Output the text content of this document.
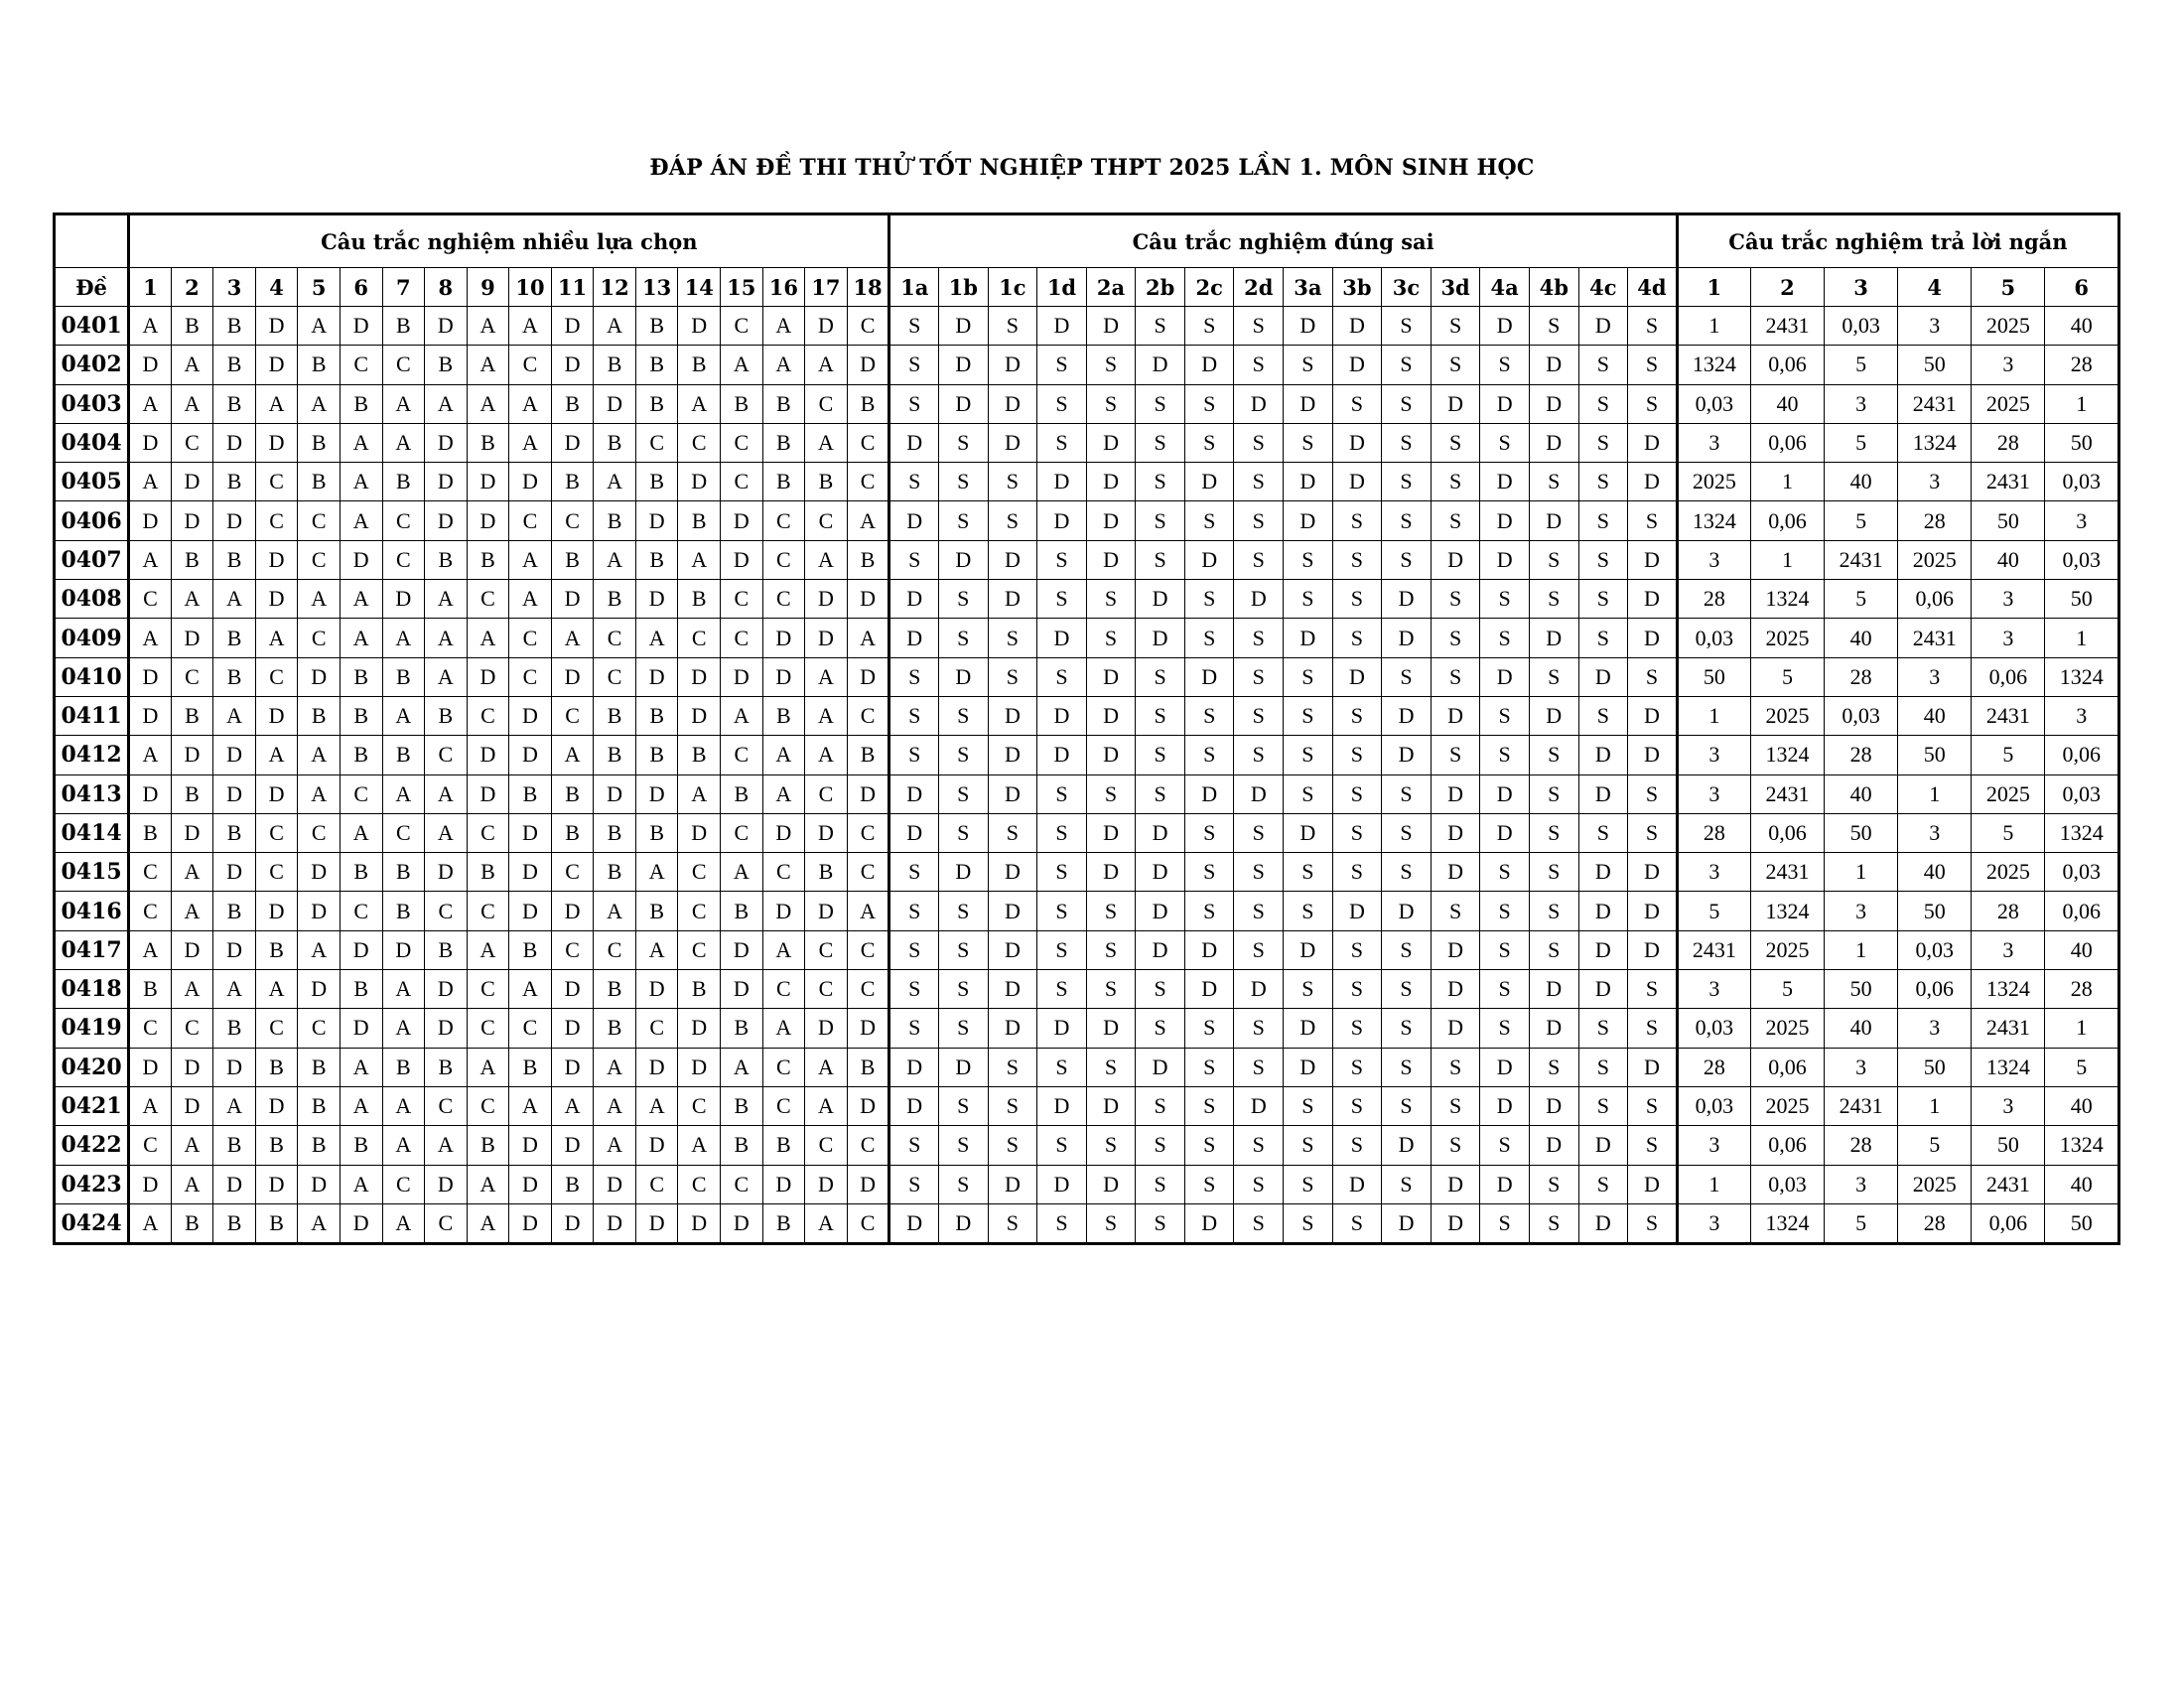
ĐÁP ÁN ĐỀ THI THỬ TỐT NGHIỆP THPT 2025 LẦN 1. MÔN SINH HỌC
	Câu trắc nghiệm nhiều lựa chọn																		Câu trắc nghiệm đúng sai																Câu trắc nghiệm trả lời ngắn					
Đề	1	2	3	4	5	6	7	8	9	10	11	12	13	14	15	16	17	18	1a	1b	1c	1d	2a	2b	2c	2d	3a	3b	3c	3d	4a	4b	4c	4d	1	2	3	4	5	6
0401	A	B	B	D	A	D	B	D	A	A	D	A	B	D	C	A	D	C	S	D	S	D	D	S	S	S	D	D	S	S	D	S	D	S	1	2431	0,03	3	2025	40
0402	D	A	B	D	B	C	C	B	A	C	D	B	B	B	A	A	A	D	S	D	D	S	S	D	D	S	S	D	S	S	S	D	S	S	1324	0,06	5	50	3	28
0403	A	A	B	A	A	B	A	A	A	A	B	D	B	A	B	B	C	B	S	D	D	S	S	S	S	D	D	S	S	D	D	D	S	S	0,03	40	3	2431	2025	1
0404	D	C	D	D	B	A	A	D	B	A	D	B	C	C	C	B	A	C	D	S	D	S	D	S	S	S	S	D	S	S	S	D	S	D	3	0,06	5	1324	28	50
0405	A	D	B	C	B	A	B	D	D	D	B	A	B	D	C	B	B	C	S	S	S	D	D	S	D	S	D	D	S	S	D	S	S	D	2025	1	40	3	2431	0,03
0406	D	D	D	C	C	A	C	D	D	C	C	B	D	B	D	C	C	A	D	S	S	D	D	S	S	S	D	S	S	S	D	D	S	S	1324	0,06	5	28	50	3
0407	A	B	B	D	C	D	C	B	B	A	B	A	B	A	D	C	A	B	S	D	D	S	D	S	D	S	S	S	S	D	D	S	S	D	3	1	2431	2025	40	0,03
0408	C	A	A	D	A	A	D	A	C	A	D	B	D	B	C	C	D	D	D	S	D	S	S	D	S	D	S	S	D	S	S	S	S	D	28	1324	5	0,06	3	50
0409	A	D	B	A	C	A	A	A	A	C	A	C	A	C	C	D	D	A	D	S	S	D	S	D	S	S	D	S	D	S	S	D	S	D	0,03	2025	40	2431	3	1
0410	D	C	B	C	D	B	B	A	D	C	D	C	D	D	D	D	A	D	S	D	S	S	D	S	D	S	S	D	S	S	D	S	D	S	50	5	28	3	0,06	1324
0411	D	B	A	D	B	B	A	B	C	D	C	B	B	D	A	B	A	C	S	S	D	D	D	S	S	S	S	S	D	D	S	D	S	D	1	2025	0,03	40	2431	3
0412	A	D	D	A	A	B	B	C	D	D	A	B	B	B	C	A	A	B	S	S	D	D	D	S	S	S	S	S	D	S	S	S	D	D	3	1324	28	50	5	0,06
0413	D	B	D	D	A	C	A	A	D	B	B	D	D	A	B	A	C	D	D	S	D	S	S	S	D	D	S	S	S	D	D	S	D	S	3	2431	40	1	2025	0,03
0414	B	D	B	C	C	A	C	A	C	D	B	B	B	D	C	D	D	C	D	S	S	S	D	D	S	S	D	S	S	D	D	S	S	S	28	0,06	50	3	5	1324
0415	C	A	D	C	D	B	B	D	B	D	C	B	A	C	A	C	B	C	S	D	D	S	D	D	S	S	S	S	S	D	S	S	D	D	3	2431	1	40	2025	0,03
0416	C	A	B	D	D	C	B	C	C	D	D	A	B	C	B	D	D	A	S	S	D	S	S	D	S	S	S	D	D	S	S	S	D	D	5	1324	3	50	28	0,06
0417	A	D	D	B	A	D	D	B	A	B	C	C	A	C	D	A	C	C	S	S	D	S	S	D	D	S	D	S	S	D	S	S	D	D	2431	2025	1	0,03	3	40
0418	B	A	A	A	D	B	A	D	C	A	D	B	D	B	D	C	C	C	S	S	D	S	S	S	D	D	S	S	S	D	S	D	D	S	3	5	50	0,06	1324	28
0419	C	C	B	C	C	D	A	D	C	C	D	B	C	D	B	A	D	D	S	S	D	D	D	S	S	S	D	S	S	D	S	D	S	S	0,03	2025	40	3	2431	1
0420	D	D	D	B	B	A	B	B	A	B	D	A	D	D	A	C	A	B	D	D	S	S	S	D	S	S	D	S	S	S	D	S	S	D	28	0,06	3	50	1324	5
0421	A	D	A	D	B	A	A	C	C	A	A	A	A	C	B	C	A	D	D	S	S	D	D	S	S	D	S	S	S	S	D	D	S	S	0,03	2025	2431	1	3	40
0422	C	A	B	B	B	B	A	A	B	D	D	A	D	A	B	B	C	C	S	S	S	S	S	S	S	S	S	S	D	S	S	D	D	S	3	0,06	28	5	50	1324
0423	D	A	D	D	D	A	C	D	A	D	B	D	C	C	C	D	D	D	S	S	D	D	D	S	S	S	S	D	S	D	D	S	S	D	1	0,03	3	2025	2431	40
0424	A	B	B	B	A	D	A	C	A	D	D	D	D	D	D	B	A	C	D	D	S	S	S	S	D	S	S	S	D	D	S	S	D	S	3	1324	5	28	0,06	50
